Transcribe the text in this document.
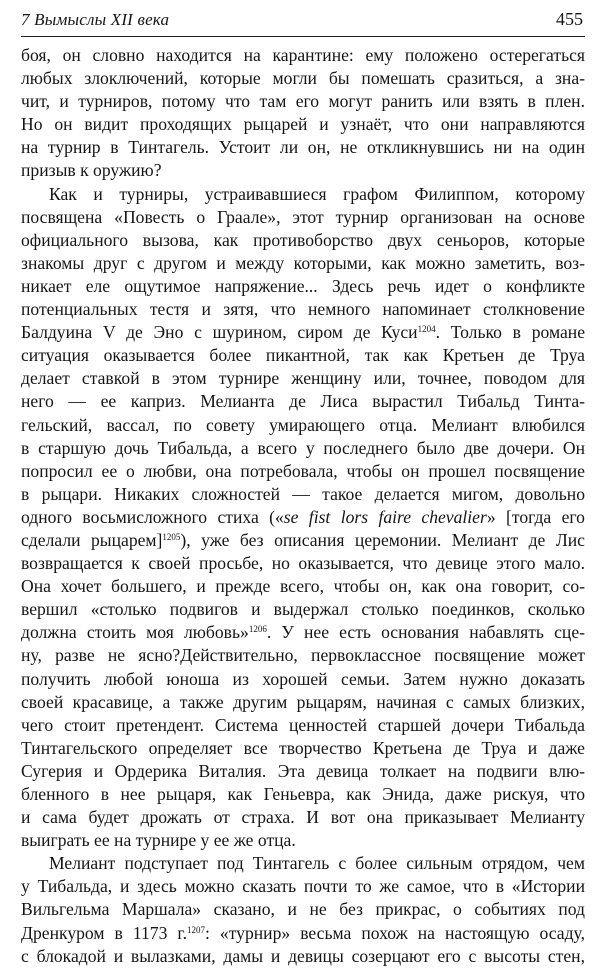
7 Вымыслы XII века	455

боя, он словно находится на карантине: ему положено остерегаться
любых злоключений, которые могли бы помешать сразиться, а зна-
чит, и турниров, потому что там его могут ранить или взять в плен.
Но он видит проходящих рыцарей и узнаёт, что они направляются
на турнир в Тинтагель. Устоит ли он, не откликнувшись ни на один
призыв к оружию?

Как и турниры, устраивавшиеся графом Филиппом, которому
посвящена «Повесть о Граале», этот турнир организован на основе
официального вызова, как противоборство двух сеньоров, которые
знакомы друг с другом и между которыми, как можно заметить, воз-
никает еле ощутимое напряжение... Здесь речь идет о конфликте
потенциальных тестя и зятя, что немного напоминает столкновение
Балдуина V де Эно с шурином, сиром де Куси$^{1204}$. Только в романе
ситуация оказывается более пикантной, так как Кретьен де Труа
делает ставкой в этом турнире женщину или, точнее, поводом для
него — ее каприз. Мелианта де Лиса вырастил Тибальд Тинта-
гельский, вассал, по совету умирающего отца. Мелиант влюбился
в старшую дочь Тибальда, а всего у последнего было две дочери. Он
попросил ее о любви, она потребовала, чтобы он прошел посвящение
в рыцари. Никаких сложностей — такое делается мигом, довольно
одного восьмисложного стиха («se fist lors faire chevalier» [тогда его
сделали рыцарем]$^{1205}$), уже без описания церемонии. Мелиант де Лис
возвращается к своей просьбе, но оказывается, что девице этого мало.
Она хочет большего, и прежде всего, чтобы он, как она говорит, со-
вершил «столько подвигов и выдержал столько поединков, сколько
должна стоить моя любовь»$^{1206}$. У нее есть основания набавлять сце-
ну, разве не ясно?Действительно, первоклассное посвящение может
получить любой юноша из хорошей семьи. Затем нужно доказать
своей красавице, а также другим рыцарям, начиная с самых близких,
чего стоит претендент. Система ценностей старшей дочери Тибальда
Тинтагельского определяет все творчество Кретьена де Труа и даже
Сугерия и Ордерика Виталия. Эта девица толкает на подвиги влю-
бленного в нее рыцаря, как Геньевра, как Энида, даже рискуя, что
и сама будет дрожать от страха. И вот она приказывает Мелианту
выиграть ее на турнире у ее же отца.

Мелиант подступает под Тинтагель с более сильным отрядом, чем
у Тибальда, и здесь можно сказать почти то же самое, что в «Истории
Вильгельма Маршала» сказано, и не без прикрас, о событиях под
Дренкуром в 1173 г.$^{1207}$: «турнир» весьма похож на настоящую осаду,
с блокадой и вылазками, дамы и девицы созерцают его с высоты стен,
